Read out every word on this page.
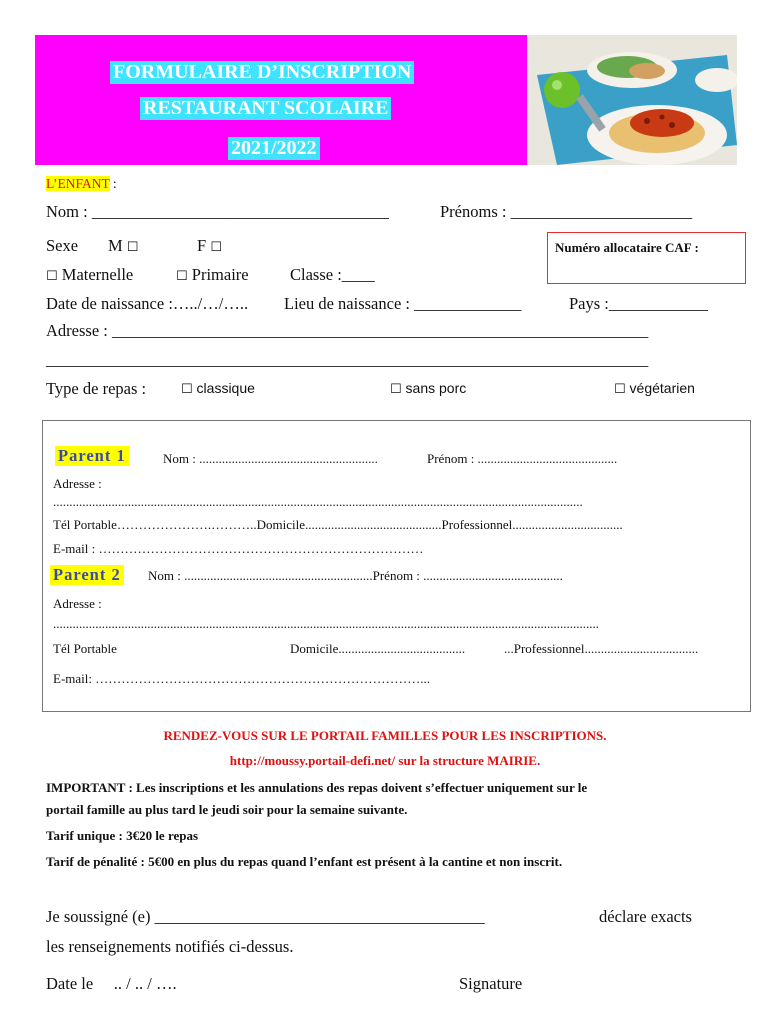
FORMULAIRE D’INSCRIPTION
RESTAURANT SCOLAIRE
2021/2022
L’ENFANT :
Nom : ____________________________________	Prénoms : ______________________
Sexe M ☐	F ☐	Numéro allocataire CAF :
☐ Maternelle	☐ Primaire	Classe :____
Date de naissance :…../…/….. Lieu de naissance : _____________	Pays :____________
Adresse : _________________________________________________________________
_________________________________________________________________________
Type de repas :	☐ classique	☐ sans porc	☐ végétarien
Parent 1	Nom : .......................................................	Prénom : ...........................................
Adresse :
...................................................................................................................................................................
Tél Portable………………….………..Domicile..........................................Professionnel..................................
E-mail : …………………………………………………………………
Parent 2 Nom : ..........................................................Prénom : ...........................................
Adresse :
........................................................................................................................................................................
Tél Portable	Domicile.......................................	...Professionnel...................................
E-mail: …………………………………………………………………...
RENDEZ-VOUS SUR LE PORTAIL FAMILLES POUR LES INSCRIPTIONS.
http://moussy.portail-defi.net/ sur la structure MAIRIE.
IMPORTANT : Les inscriptions et les annulations des repas doivent s’effectuer uniquement sur le
portail famille au plus tard le jeudi soir pour la semaine suivante.
Tarif unique : 3€20 le repas
Tarif de pénalité : 5€00 en plus du repas quand l’enfant est présent à la cantine et non inscrit.
Je soussigné (e) ________________________________________	déclare exacts
les renseignements notifiés ci-dessus.
Date le     .. / .. / ….	Signature
